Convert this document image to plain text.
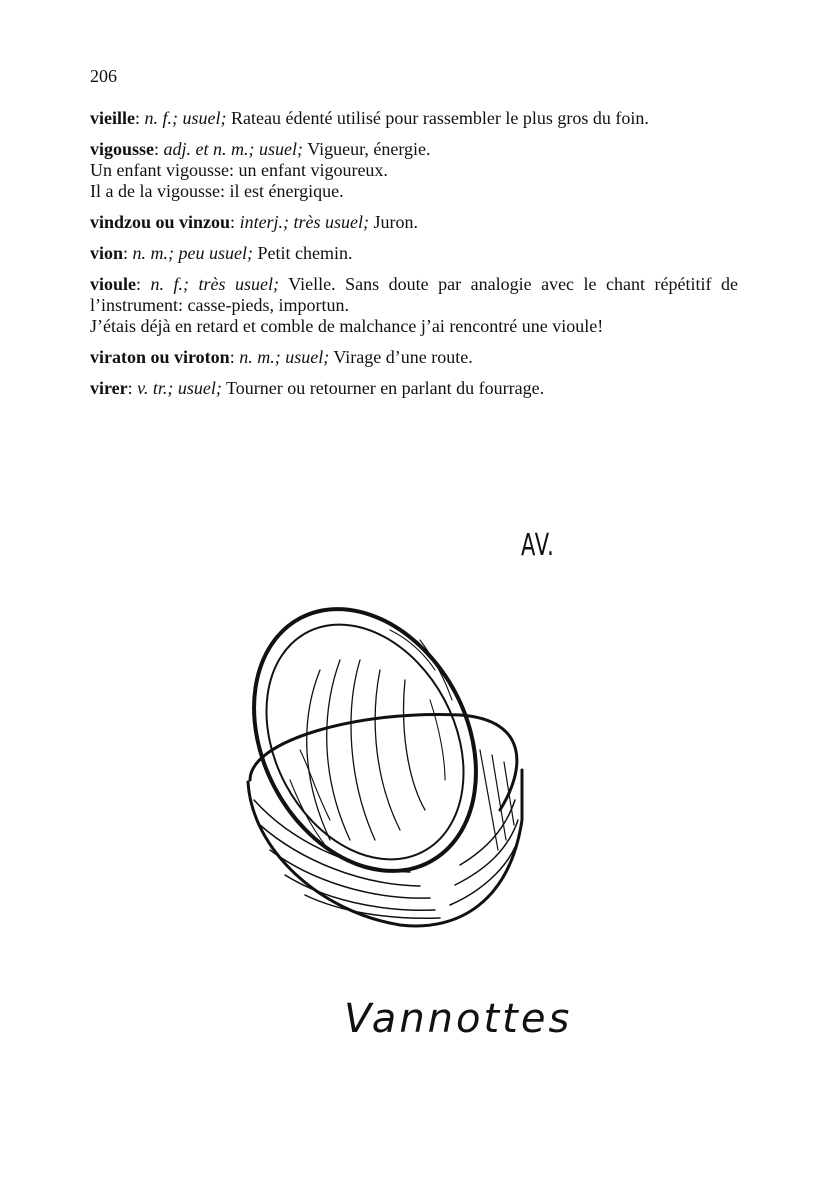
206

vieille: n. f.; usuel; Rateau édenté utilisé pour rassembler le plus gros du foin.

vigousse: adj. et n. m.; usuel; Vigueur, énergie.
Un enfant vigousse: un enfant vigoureux.
Il a de la vigousse: il est énergique.

vindzou ou vinzou: interj.; très usuel; Juron.

vion: n. m.; peu usuel; Petit chemin.

vioule: n. f.; très usuel; Vielle. Sans doute par analogie avec le chant répétitif de l’instrument: casse-pieds, importun.
J’étais déjà en retard et comble de malchance j’ai rencontré une vioule!

viraton ou viroton: n. m.; usuel; Virage d’une route.

virer: v. tr.; usuel; Tourner ou retourner en parlant du fourrage.

AV.
Vannottes
